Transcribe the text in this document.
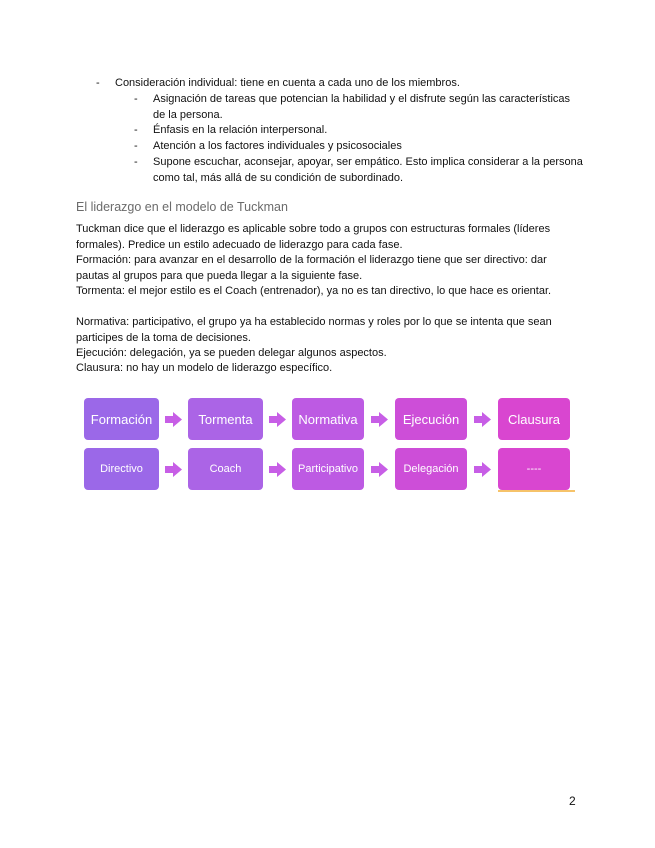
- Consideración individual: tiene en cuenta a cada uno de los miembros.
- Asignación de tareas que potencian la habilidad y el disfrute según las características de la persona.
- Énfasis en la relación interpersonal.
- Atención a los factores individuales y psicosociales
- Supone escuchar, aconsejar, apoyar, ser empático. Esto implica considerar a la persona como tal, más allá de su condición de subordinado.
El liderazgo en el modelo de Tuckman
Tuckman dice que el liderazgo es aplicable sobre todo a grupos con estructuras formales (líderes formales). Predice un estilo adecuado de liderazgo para cada fase.
Formación: para avanzar en el desarrollo de la formación el liderazgo tiene que ser directivo: dar pautas al grupos para que pueda llegar a la siguiente fase.
Tormenta: el mejor estilo es el Coach (entrenador), ya no es tan directivo, lo que hace es orientar.
Normativa: participativo, el grupo ya ha establecido normas y roles por lo que se intenta que sean participes de la toma de decisiones.
Ejecución: delegación, ya se pueden delegar algunos aspectos.
Clausura: no hay un modelo de liderazgo específico.
Formación	Tormenta	Normativa	Ejecución	Clausura
Directivo	Coach	Participativo	Delegación	----
2
